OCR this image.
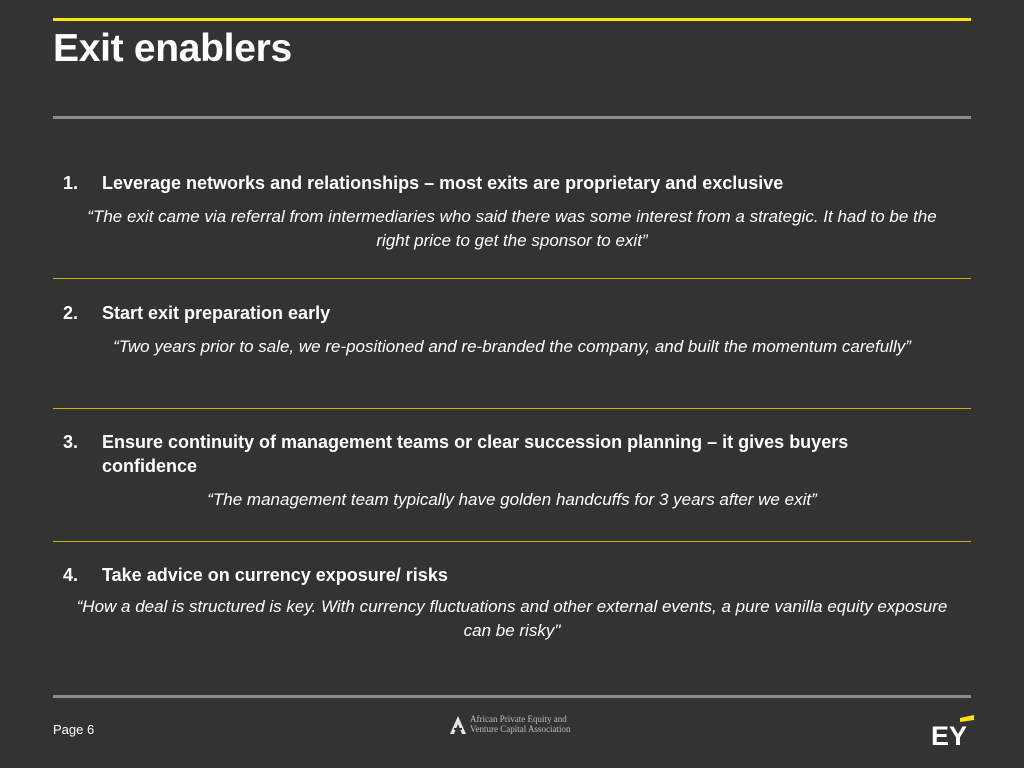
Exit enablers
1. Leverage networks and relationships – most exits are proprietary and exclusive
“The exit came via referral from intermediaries who said there was some interest from a strategic. It had to be the right price to get the sponsor to exit”
2. Start exit preparation early
“Two years prior to sale, we re-positioned and re-branded the company, and built the momentum carefully”
3. Ensure continuity of management teams or clear succession planning – it gives buyers confidence
“The management team typically have golden handcuffs for 3 years after we exit”
4. Take advice on currency exposure/ risks
“How a deal is structured is key. With currency fluctuations and other external events, a pure vanilla equity exposure can be risky"
Page 6
African Private Equity and
Venture Capital Association	EY
